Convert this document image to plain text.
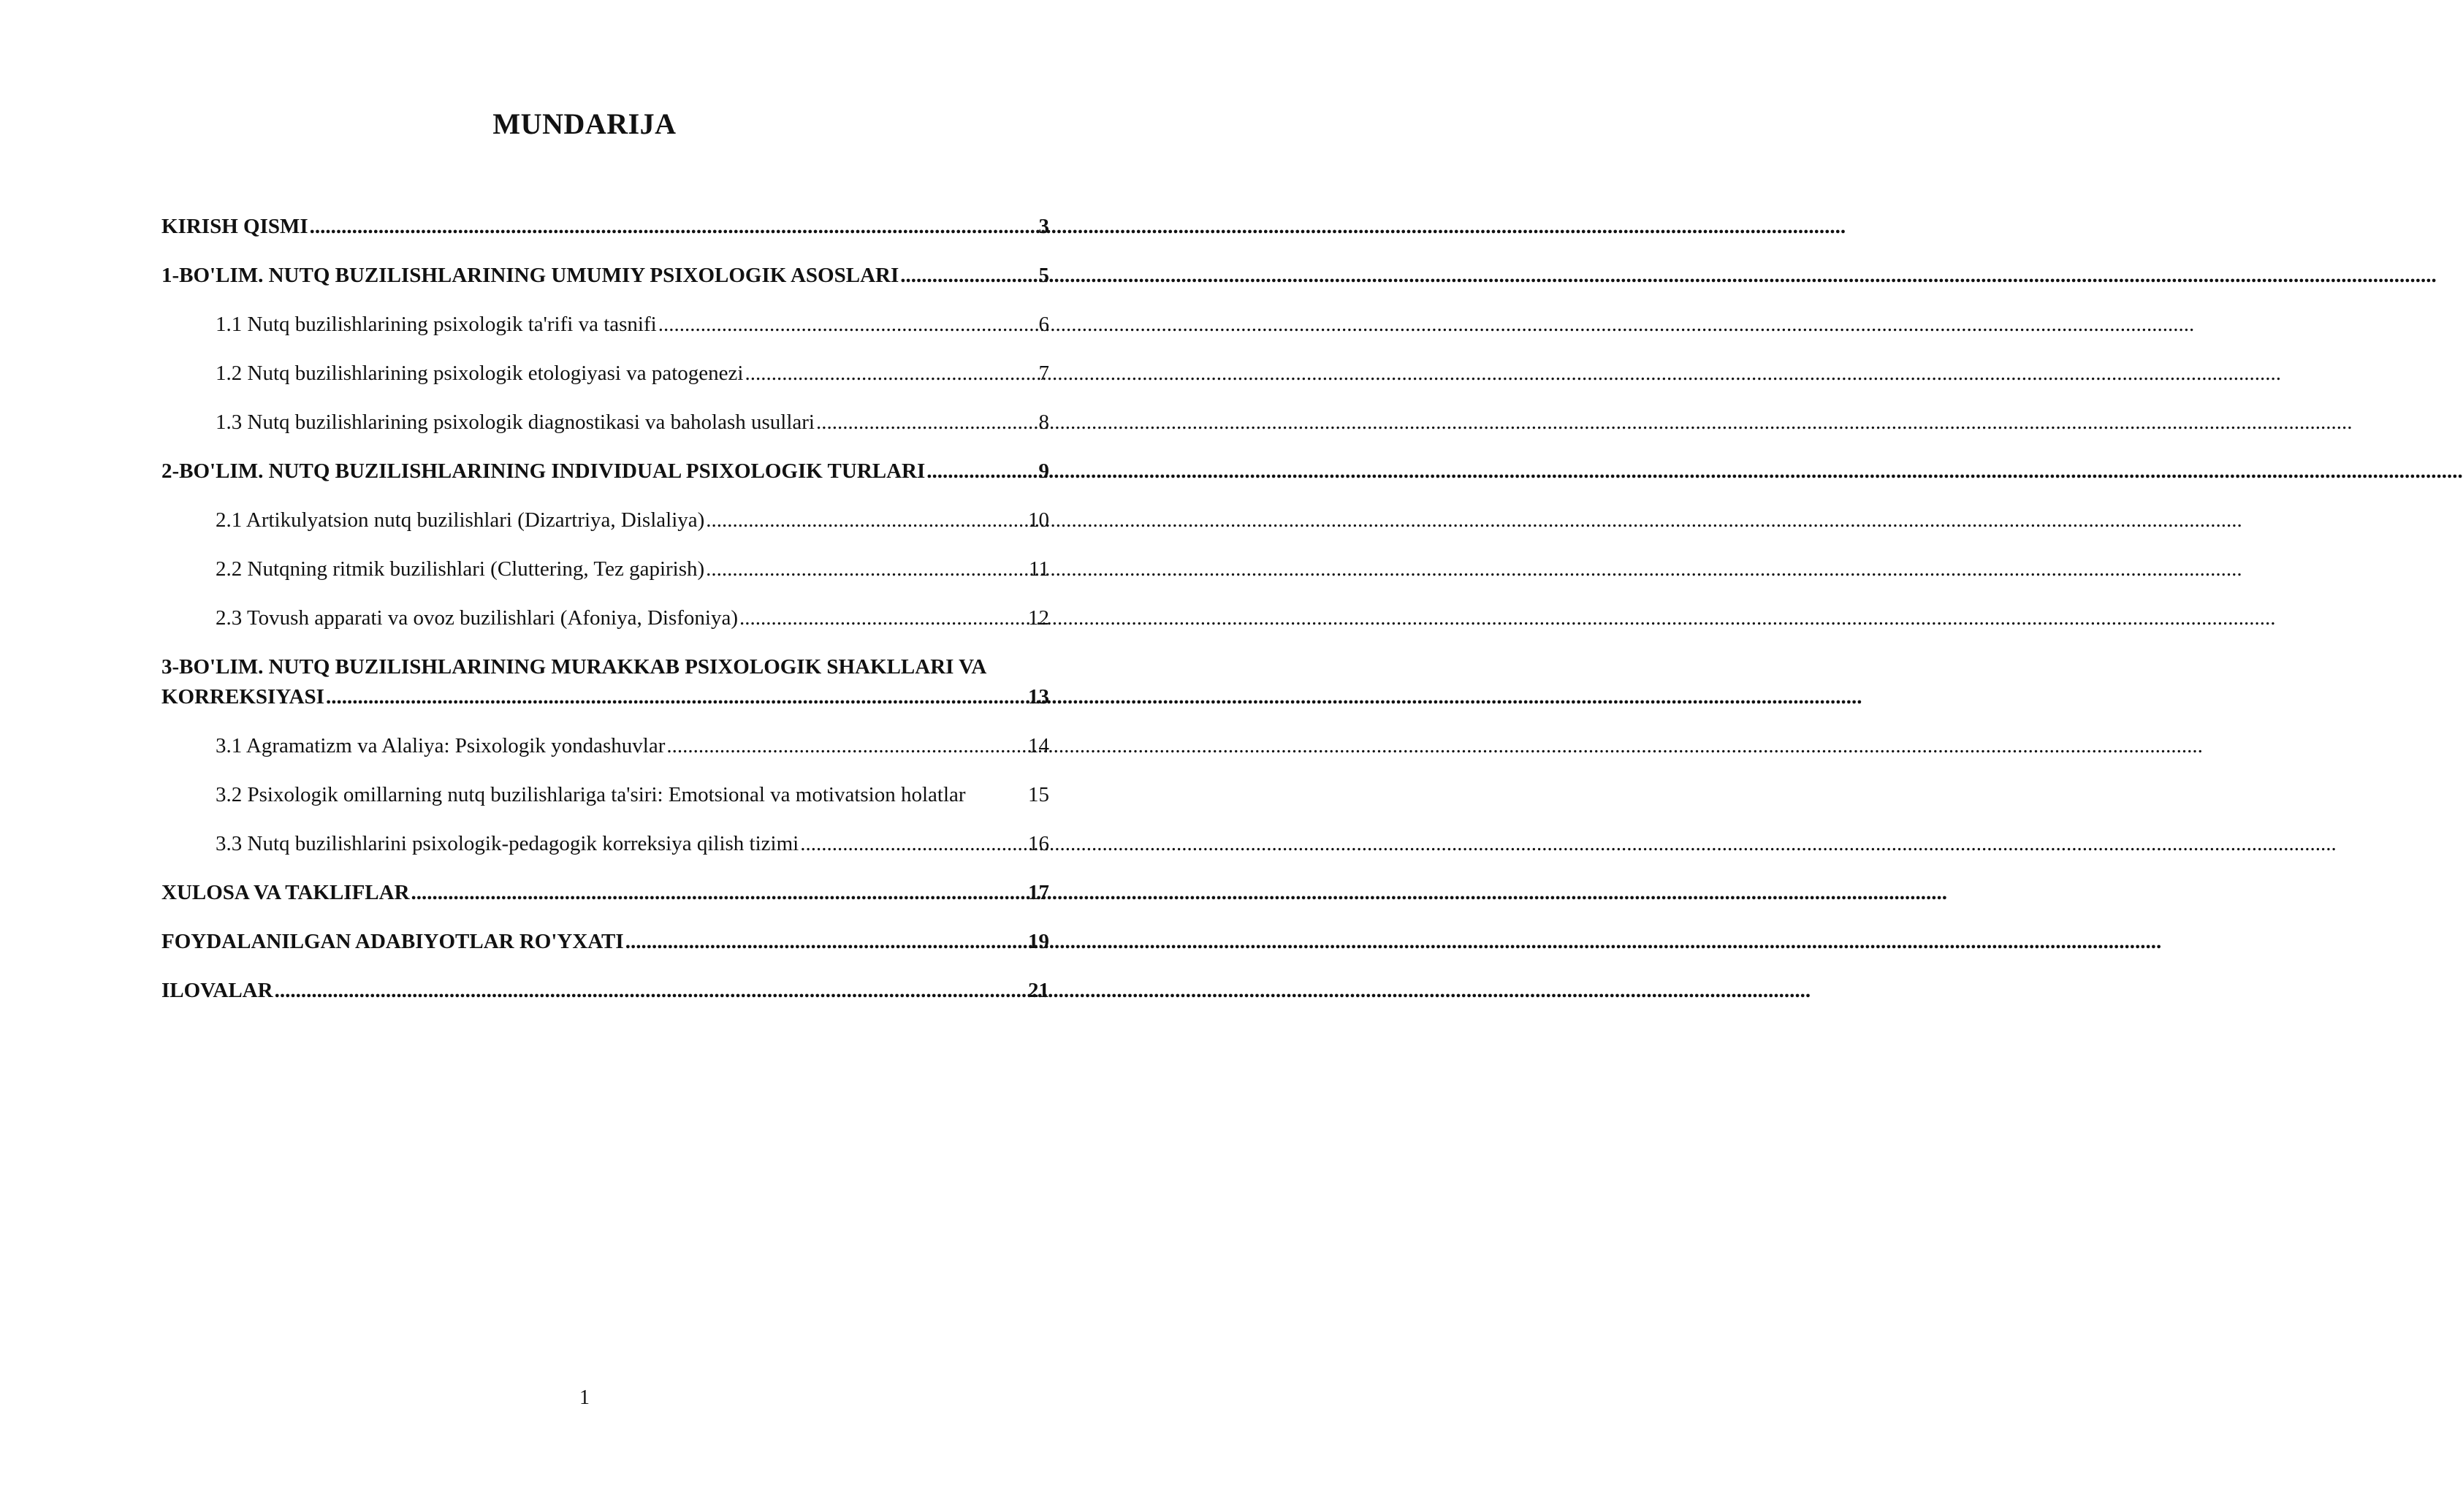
MUNDARIJA
KIRISH QISMI .....	3
1-BO'LIM. NUTQ BUZILISHLARINING UMUMIY PSIXOLOGIK ASOSLARI .....	5
1.1 Nutq buzilishlarining psixologik ta'rifi va tasnifi .....	6
1.2 Nutq buzilishlarining psixologik etologiyasi va patogenezi .....	7
1.3 Nutq buzilishlarining psixologik diagnostikasi va baholash usullari .....	8
2-BO'LIM. NUTQ BUZILISHLARINING INDIVIDUAL PSIXOLOGIK TURLARI .....	9
2.1 Artikulyatsion nutq buzilishlari (Dizartriya, Dislaliya) .....	10
2.2 Nutqning ritmik buzilishlari (Cluttering, Tez gapirish) .....	11
2.3 Tovush apparati va ovoz buzilishlari (Afoniya, Disfoniya) .....	12
3-BO'LIM. NUTQ BUZILISHLARINING MURAKKAB PSIXOLOGIK SHAKLLARI VA
KORREKSIYASI .....	13
3.1 Agramatizm va Alaliya: Psixologik yondashuvlar .....	14
3.2 Psixologik omillarning nutq buzilishlariga ta'siri: Emotsional va motivatsion holatlar	15
3.3 Nutq buzilishlarini psixologik-pedagogik korreksiya qilish tizimi .....	16
XULOSA VA TAKLIFLAR .....	17
FOYDALANILGAN ADABIYOTLAR RO'YXATI .....	19
ILOVALAR .....	21
1
